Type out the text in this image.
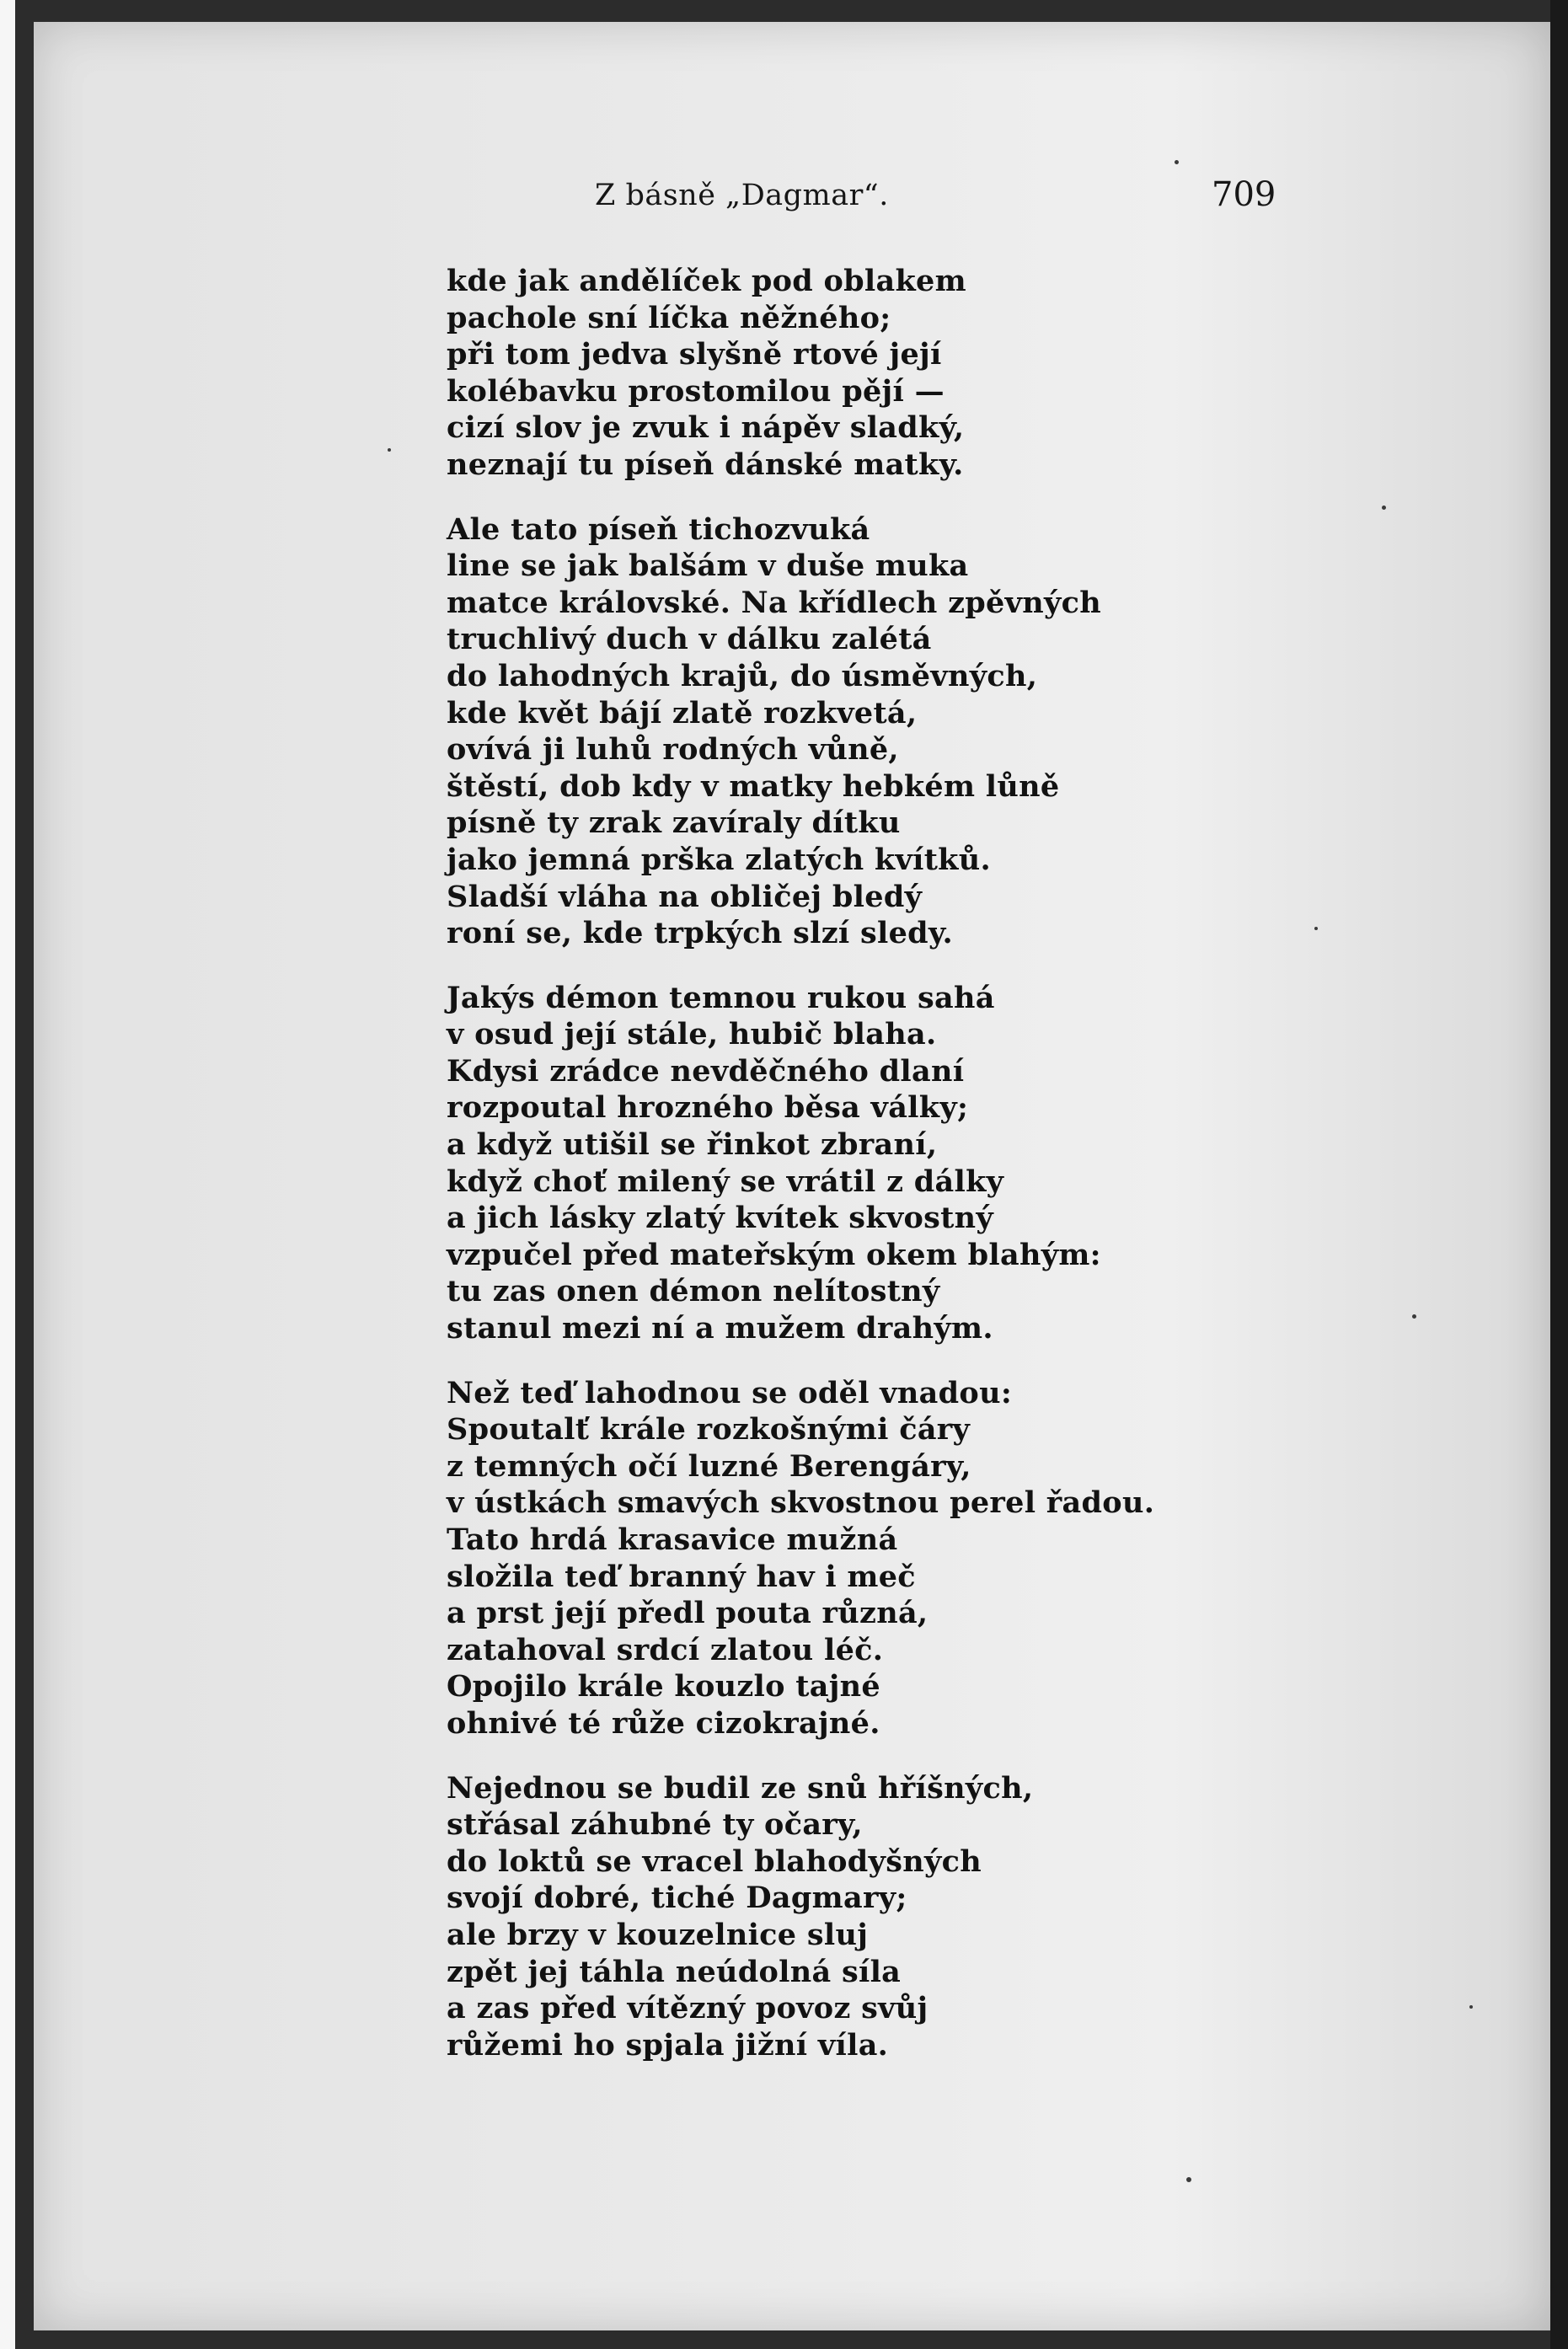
Z básně „Dagmar“.	709
kde jak andělíček pod oblakem
pachole sní líčka něžného;
při tom jedva slyšně rtové její
kolébavku prostomilou pějí —
cizí slov je zvuk i nápěv sladký,
neznají tu píseň dánské matky.
Ale tato píseň tichozvuká
line se jak balšám v duše muka
matce královské. Na křídlech zpěvných
truchlivý duch v dálku zalétá
do lahodných krajů, do úsměvných,
kde květ bájí zlatě rozkvetá,
ovívá ji luhů rodných vůně,
štěstí, dob kdy v matky hebkém lůně
písně ty zrak zavíraly dítku
jako jemná prška zlatých kvítků.
Sladší vláha na obličej bledý
roní se, kde trpkých slzí sledy.
Jakýs démon temnou rukou sahá
v osud její stále, hubič blaha.
Kdysi zrádce nevděčného dlaní
rozpoutal hrozného běsa války;
a když utišil se řinkot zbraní,
když choť milený se vrátil z dálky
a jich lásky zlatý kvítek skvostný
vzpučel před mateřským okem blahým:
tu zas onen démon nelítostný
stanul mezi ní a mužem drahým.
Než teď lahodnou se oděl vnadou:
Spoutalť krále rozkošnými čáry
z temných očí luzné Berengáry,
v ústkách smavých skvostnou perel řadou.
Tato hrdá krasavice mužná
složila teď branný hav i meč
a prst její předl pouta různá,
zatahoval srdcí zlatou léč.
Opojilo krále kouzlo tajné
ohnivé té růže cizokrajné.
Nejednou se budil ze snů hříšných,
střásal záhubné ty očary,
do loktů se vracel blahodyšných
svojí dobré, tiché Dagmary;
ale brzy v kouzelnice sluj
zpět jej táhla neúdolná síla
a zas před vítězný povoz svůj
růžemi ho spjala jižní víla.
